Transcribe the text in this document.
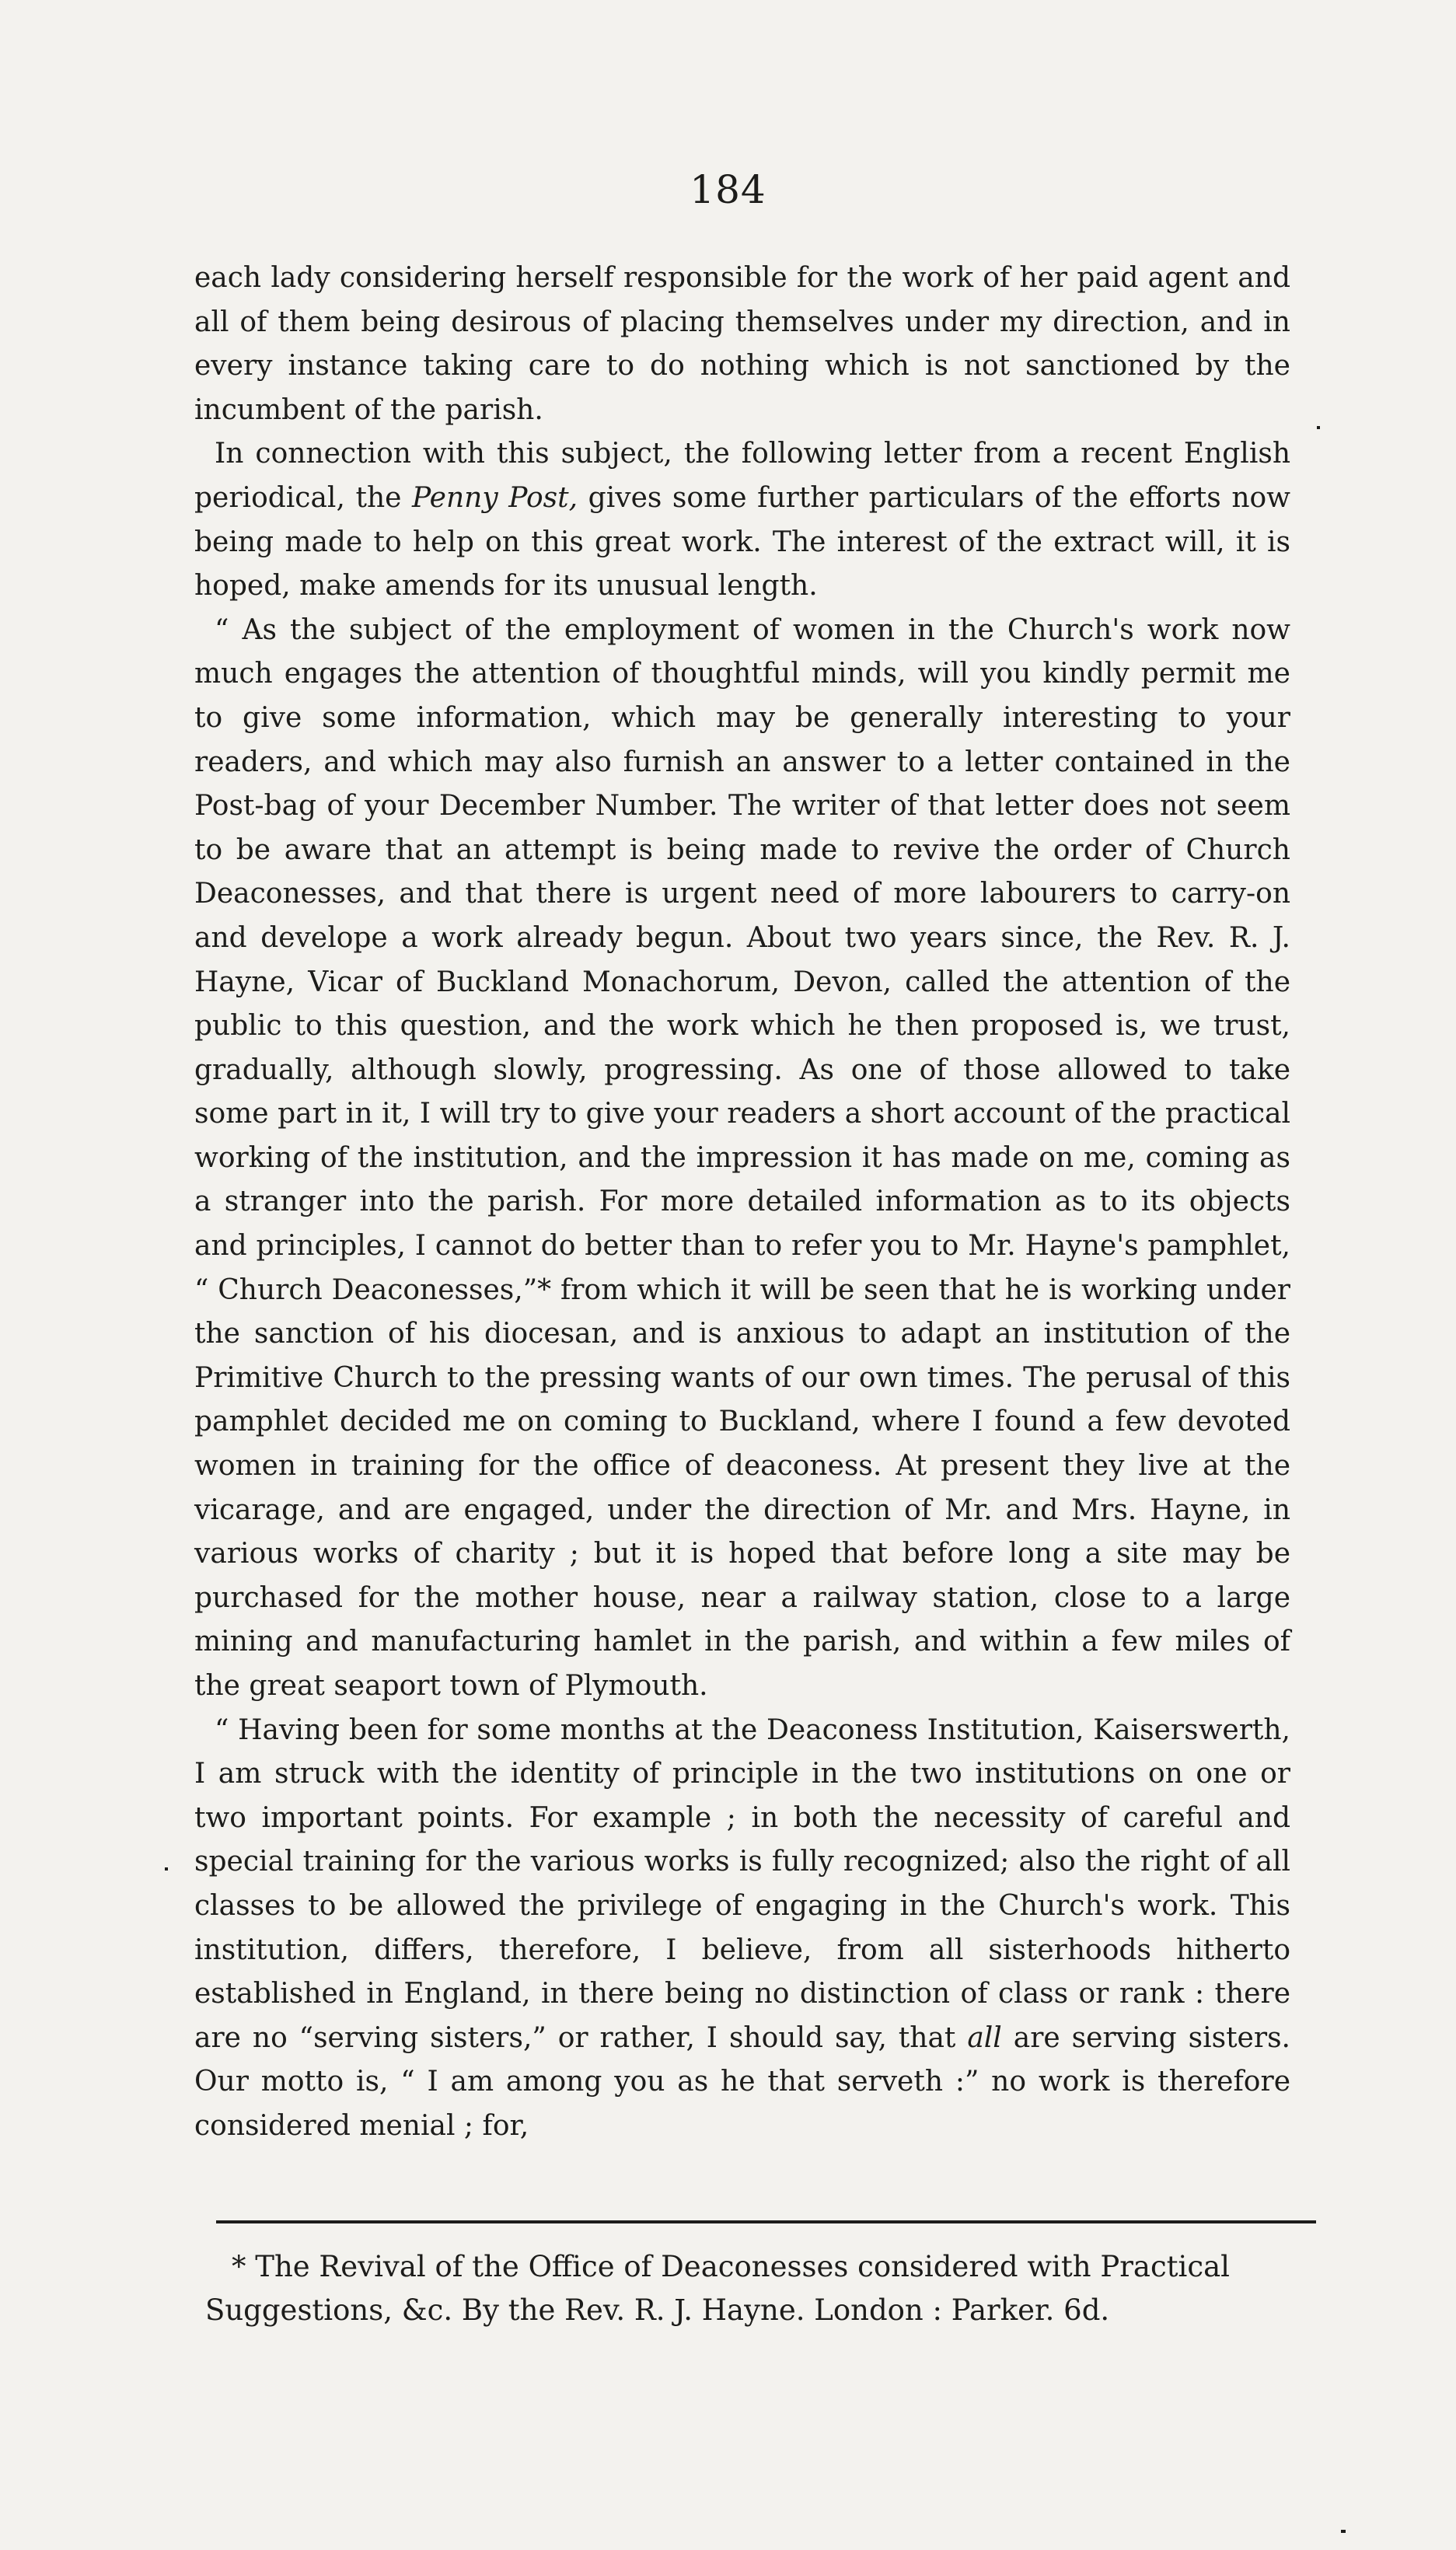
184

each lady considering herself responsible for the work of her paid agent and all of them being desirous of placing themselves under my direction, and in every instance taking care to do nothing which is not sanctioned by the incumbent of the parish.

In connection with this subject, the following letter from a recent English periodical, the Penny Post, gives some further particulars of the efforts now being made to help on this great work. The interest of the extract will, it is hoped, make amends for its unusual length.

“ As the subject of the employment of women in the Church's work now much engages the attention of thoughtful minds, will you kindly permit me to give some information, which may be generally interesting to your readers, and which may also furnish an answer to a letter contained in the Post-bag of your December Number. The writer of that letter does not seem to be aware that an attempt is being made to revive the order of Church Deaconesses, and that there is urgent need of more labourers to carry-on and develope a work already begun. About two years since, the Rev. R. J. Hayne, Vicar of Buckland Monachorum, Devon, called the attention of the public to this question, and the work which he then proposed is, we trust, gradually, although slowly, progressing. As one of those allowed to take some part in it, I will try to give your readers a short account of the practical working of the institution, and the impression it has made on me, coming as a stranger into the parish. For more detailed information as to its objects and principles, I cannot do better than to refer you to Mr. Hayne's pamphlet, “ Church Deaconesses,”* from which it will be seen that he is working under the sanction of his diocesan, and is anxious to adapt an institution of the Primitive Church to the pressing wants of our own times. The perusal of this pamphlet decided me on coming to Buckland, where I found a few devoted women in training for the office of deaconess. At present they live at the vicarage, and are engaged, under the direction of Mr. and Mrs. Hayne, in various works of charity ; but it is hoped that before long a site may be purchased for the mother house, near a railway station, close to a large mining and manufacturing hamlet in the parish, and within a few miles of the great seaport town of Plymouth.

“ Having been for some months at the Deaconess Institution, Kaiserswerth, I am struck with the identity of principle in the two institutions on one or two important points. For example ; in both the necessity of careful and special training for the various works is fully recognized; also the right of all classes to be allowed the privilege of engaging in the Church's work. This institution, differs, therefore, I believe, from all sisterhoods hitherto established in England, in there being no distinction of class or rank : there are no “serving sisters,” or rather, I should say, that all are serving sisters. Our motto is, “ I am among you as he that serveth :” no work is therefore considered menial ; for,

* The Revival of the Office of Deaconesses considered with Practical Suggestions, &c. By the Rev. R. J. Hayne. London : Parker. 6d.
